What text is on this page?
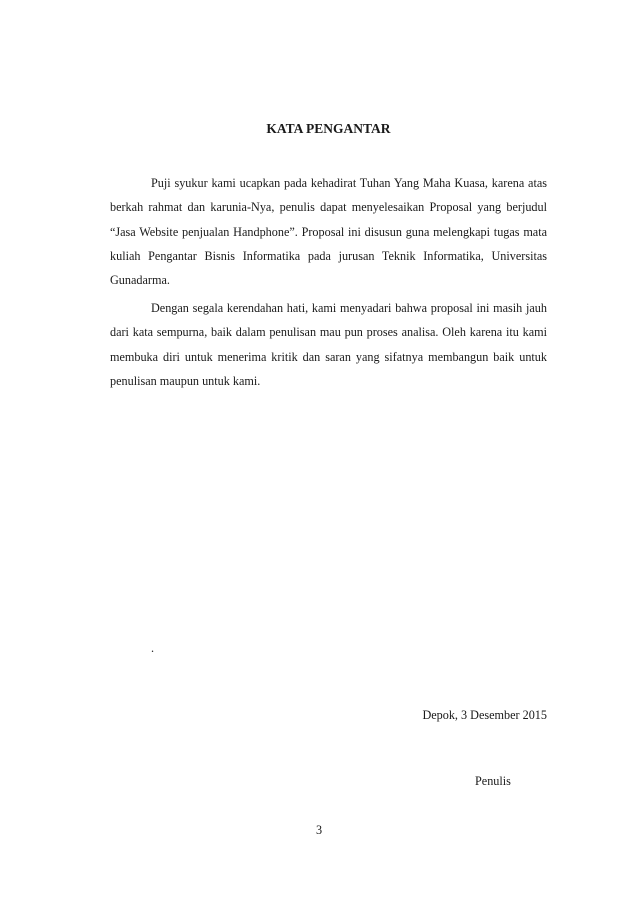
KATA PENGANTAR

Puji syukur kami ucapkan pada kehadirat Tuhan Yang Maha Kuasa, karena atas berkah rahmat dan karunia-Nya, penulis dapat menyelesaikan Proposal yang berjudul “Jasa Website penjualan Handphone”. Proposal ini disusun guna melengkapi tugas mata kuliah Pengantar Bisnis Informatika pada jurusan Teknik Informatika, Universitas Gunadarma.

Dengan segala kerendahan hati, kami menyadari bahwa proposal ini masih jauh dari kata sempurna, baik dalam penulisan mau pun proses analisa. Oleh karena itu kami membuka diri untuk menerima kritik dan saran yang sifatnya membangun baik untuk penulisan maupun untuk kami.

.
Depok, 3 Desember 2015
Penulis
3
